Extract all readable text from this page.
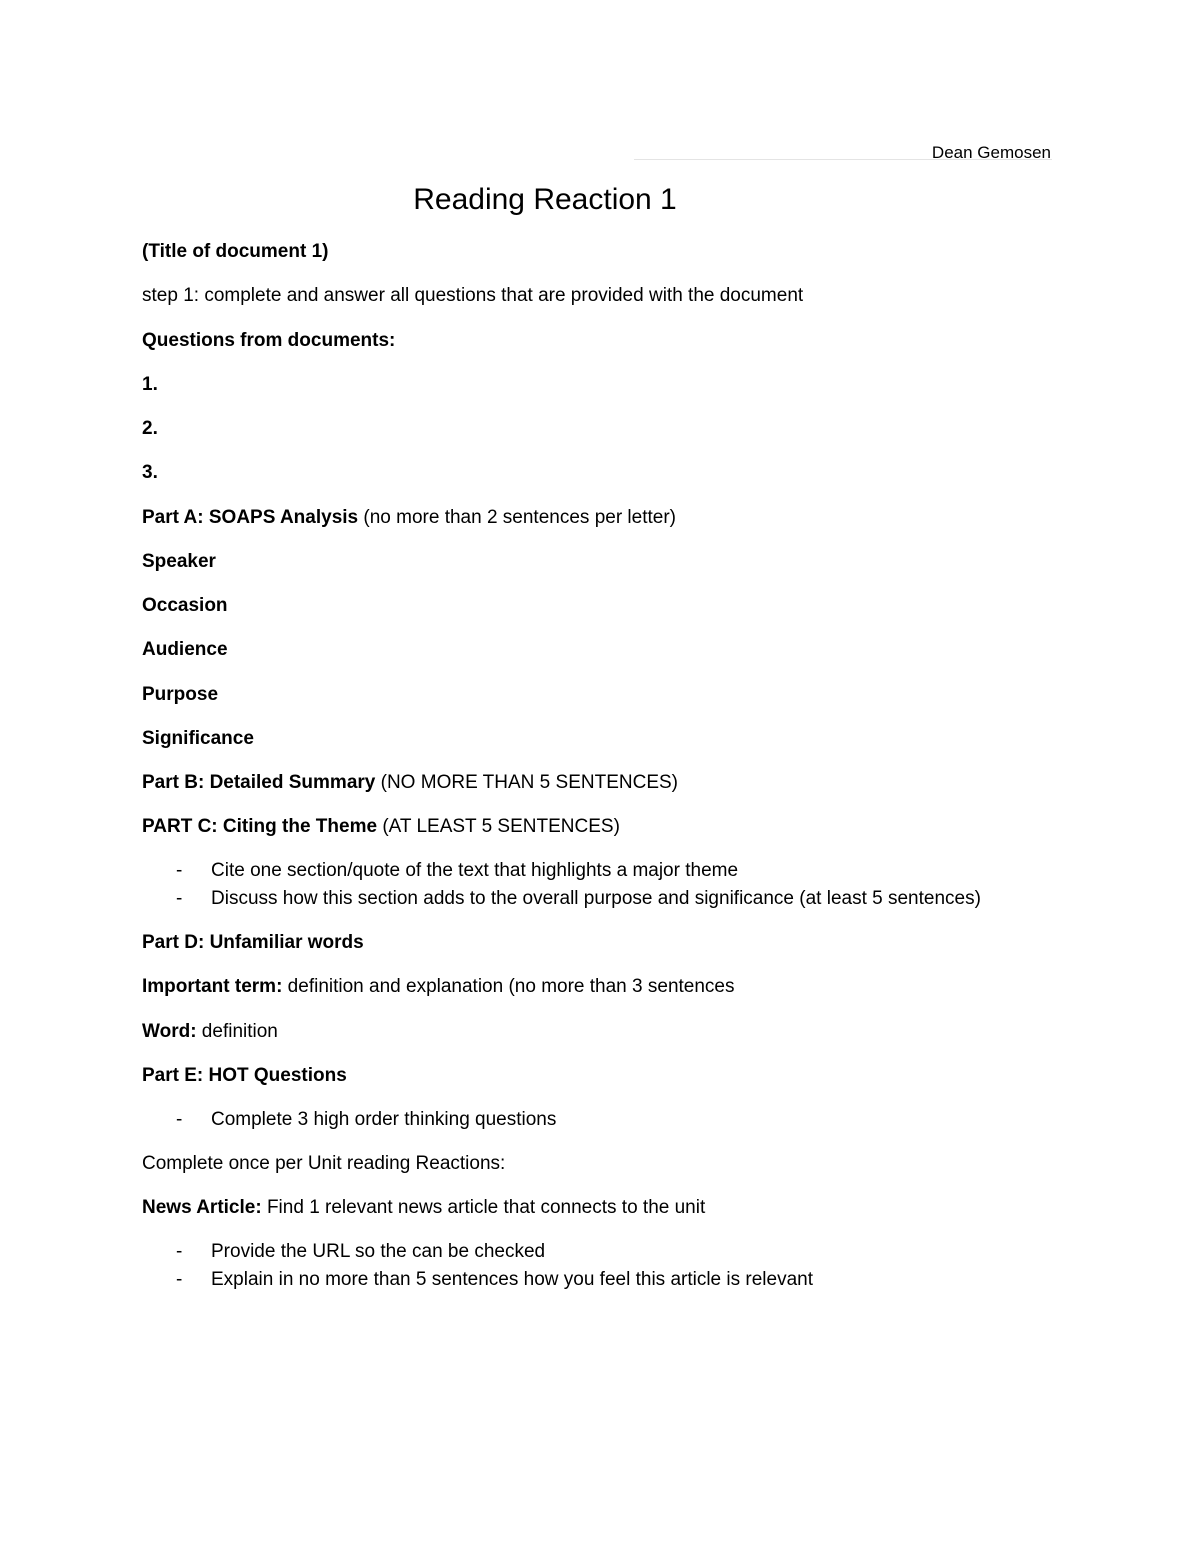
Dean Gemosen
Reading Reaction 1
(Title of document 1)
step 1: complete and answer all questions that are provided with the document
Questions from documents:
1.
2.
3.
Part A: SOAPS Analysis (no more than 2 sentences per letter)
Speaker
Occasion
Audience
Purpose
Significance
Part B: Detailed Summary (NO MORE THAN 5 SENTENCES)
PART C: Citing the Theme (AT LEAST 5 SENTENCES)
- Cite one section/quote of the text that highlights a major theme
- Discuss how this section adds to the overall purpose and significance (at least 5 sentences)
Part D: Unfamiliar words
Important term: definition and explanation (no more than 3 sentences
Word: definition
Part E: HOT Questions
- Complete 3 high order thinking questions
Complete once per Unit reading Reactions:
News Article: Find 1 relevant news article that connects to the unit
- Provide the URL so the can be checked
- Explain in no more than 5 sentences how you feel this article is relevant
